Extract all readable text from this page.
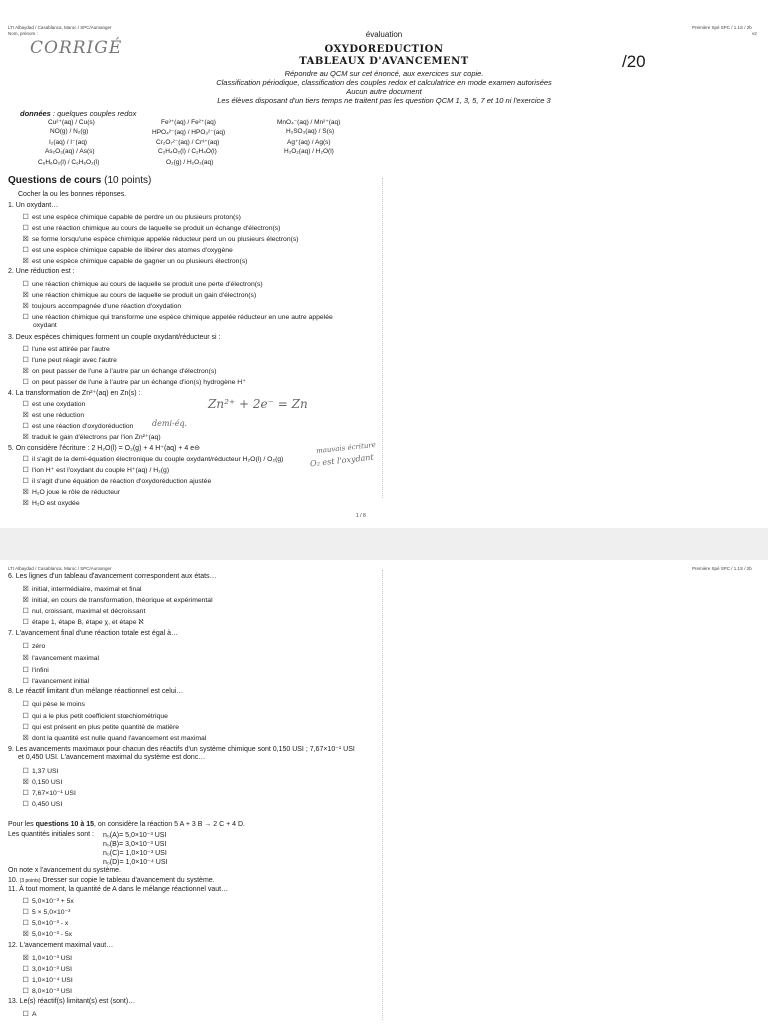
LTI Albaydad / Casablanca, Maroc / SPC/Aumanger
Nom, prénom :
Première Spé SPC / 1.1S / 2b
v2
évaluation
CORRIGÉ	OXYDOREDUCTION
TABLEAUX D'AVANCEMENT	/20
Répondre au QCM sur cet énoncé, aux exercices sur copie.
Classification périodique, classification des couples redox et calculatrice en mode examen autorisées
Aucun autre document
Les élèves disposant d'un tiers temps ne traitent pas les question QCM 1, 3, 5, 7 et 10 ni l'exercice 3
données : quelques couples redox
Cu²⁺(aq) / Cu(s)	Fe³⁺(aq) / Fe²⁺(aq)	MnO₄⁻(aq) / Mn²⁺(aq)
NO(g) / N₂(g)	HPO₄²⁻(aq) / HPO₃²⁻(aq)	H₂SO₃(aq) / S(s)
I₂(aq) / I⁻(aq)	Cr₂O₇²⁻(aq) / Cr³⁺(aq)	Ag⁺(aq) / Ag(s)
As₂O₃(aq) / As(s)	C₂H₄O₂(l) / C₂H₄O(l)	H₂O₂(aq) / H₂O(l)
C₆H₆O₂(l) / C₆H₆O₂(l)	O₂(g) / H₂O₂(aq)
Questions de cours (10 points)
Cocher la ou les bonnes réponses.
1. Un oxydant…
☐ est une espèce chimique capable de perdre un ou plusieurs proton(s)
☐ est une réaction chimique au cours de laquelle se produit un échange d'électron(s)
☒ se forme lorsqu'une espèce chimique appelée réducteur perd un ou plusieurs électron(s)
☐ est une espèce chimique capable de libérer des atomes d'oxygène
☒ est une espèce chimique capable de gagner un ou plusieurs électron(s)
2. Une réduction est :
☐ une réaction chimique au cours de laquelle se produit une perte d'électron(s)
☒ une réaction chimique au cours de laquelle se produit un gain d'électron(s)
☒ toujours accompagnée d'une réaction d'oxydation
☐ une réaction chimique qui transforme une espèce chimique appelée réducteur en une autre appelée
oxydant
3. Deux espèces chimiques forment un couple oxydant/réducteur si :
☐ l'une est attirée par l'autre
☐ l'une peut réagir avec l'autre
☒ on peut passer de l'une à l'autre par un échange d'électron(s)
☐ on peut passer de l'une à l'autre par un échange d'ion(s) hydrogène H⁺
4. La transformation de Zn²⁺(aq) en Zn(s) :
☐ est une oxydation
☒ est une réduction
☐ est une réaction d'oxydoréduction
☒ traduit le gain d'électrons par l'ion Zn²⁺(aq)
Zn²⁺ + 2e⁻ = Zn
demi-éq.
5. On considère l'écriture : 2 H₂O(l) = O₂(g) + 4 H⁺(aq) + 4 e⊖
☐ il s'agit de la demi-équation électronique du couple oxydant/réducteur H₂O(l) / O₂(g)
☐ l'ion H⁺ est l'oxydant du couple H⁺(aq) / H₂(g)
☐ il s'agit d'une équation de réaction d'oxydoréduction ajustée
☒ H₂O joue le rôle de réducteur
☒ H₂O est oxydée
mauvais écriture
O₂ est l'oxydant
1 / 8
LTI Albaydad / Casablanca, Maroc / SPC/Aumanger	Première Spé SPC / 1.1S / 2b
6. Les lignes d'un tableau d'avancement correspondent aux états…
☒ initial, intermédiaire, maximal et final
☒ initial, en cours de transformation, théorique et expérimental
☐ nul, croissant, maximal et décroissant
☐ étape 1, étape B, étape χ, et étape ℵ
7. L'avancement final d'une réaction totale est égal à…
☐ zéro
☒ l'avancement maximal
☐ l'infini
☐ l'avancement initial
8. Le réactif limitant d'un mélange réactionnel est celui…
☐ qui pèse le moins
☐ qui a le plus petit coefficient stœchiométrique
☐ qui est présent en plus petite quantité de matière
☒ dont la quantité est nulle quand l'avancement est maximal
9. Les avancements maximaux pour chacun des réactifs d'un système chimique sont 0,150 USI ; 7,67×10⁻¹ USI
et 0,450 USI. L'avancement maximal du système est donc…
☐ 1,37 USI
☒ 0,150 USI
☐ 7,67×10⁻¹ USI
☐ 0,450 USI
Pour les questions 10 à 15, on considère la réaction 5 A + 3 B → 2 C + 4 D.
Les quantités initiales sont : n₀(A)= 5,0×10⁻³ USI
n₀(B)= 3,0×10⁻³ USI
n₀(C)= 1,0×10⁻³ USI
n₀(D)= 1,0×10⁻⁴ USI
On note x l'avancement du système.
10. (3 points) Dresser sur copie le tableau d'avancement du système.
11. À tout moment, la quantité de A dans le mélange réactionnel vaut…
☐ 5,0×10⁻³ + 5x
☐ 5 × 5,0×10⁻³
☐ 5,0×10⁻³ - x
☒ 5,0×10⁻³ - 5x
12. L'avancement maximal vaut…
☒ 1,0×10⁻³ USI
☐ 3,0×10⁻³ USI
☐ 1,0×10⁻⁴ USI
☐ 8,0×10⁻³ USI
13. Le(s) réactif(s) limitant(s) est (sont)…
☐ A
